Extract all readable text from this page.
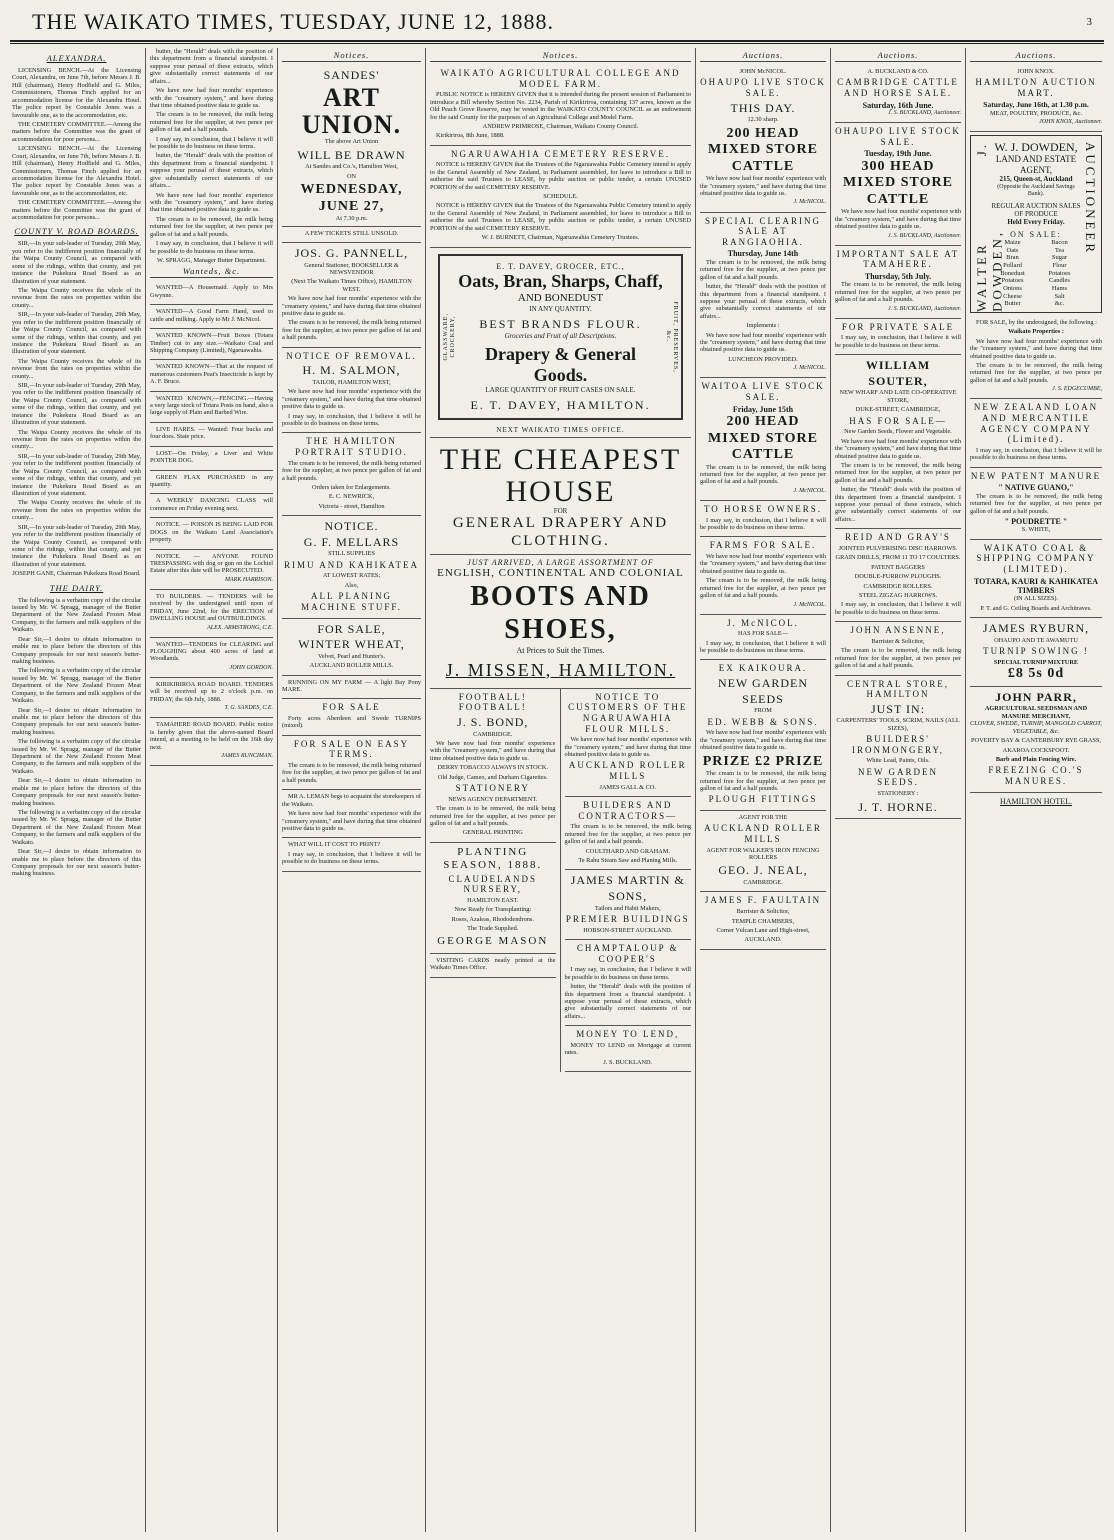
THE WAIKATO TIMES, TUESDAY, JUNE 12, 1888.	3
ALEXANDRA.

LICENSING BENCH.—At the Licensing Court, Alexandra, on June 7th, before Messrs J. B. Hill (chairman), Henry Hodfield and G. Miles, Commissioners, Thomas Finch applied for an accommodation license for the Alexandra Hotel. The police report by Constable Jones was a favourable one, as to the accommodation, etc.

THE CEMETERY COMMITTEE.—Among the matters before the Committee was the grant of accommodation for poor persons...

LICENSING BENCH.—At the Licensing Court, Alexandra, on June 7th, before Messrs J. B. Hill (chairman), Henry Hodfield and G. Miles, Commissioners, Thomas Finch applied for an accommodation license for the Alexandra Hotel. The police report by Constable Jones was a favourable one, as to the accommodation, etc.

THE CEMETERY COMMITTEE.—Among the matters before the Committee was the grant of accommodation for poor persons...

COUNTY V. ROAD BOARDS.

SIR,—In your sub-leader of Tuesday, 29th May, you refer to the indifferent position financially of the Waipa County Council, as compared with some of the ridings, within that county, and yet instance the Pukekura Road Board as an illustration of your statement.

The Waipa County receives the whole of its revenue from the rates on properties within the county...

SIR,—In your sub-leader of Tuesday, 29th May, you refer to the indifferent position financially of the Waipa County Council, as compared with some of the ridings, within that county, and yet instance the Pukekura Road Board as an illustration of your statement.

The Waipa County receives the whole of its revenue from the rates on properties within the county...

SIR,—In your sub-leader of Tuesday, 29th May, you refer to the indifferent position financially of the Waipa County Council, as compared with some of the ridings, within that county, and yet instance the Pukekura Road Board as an illustration of your statement.

The Waipa County receives the whole of its revenue from the rates on properties within the county...

SIR,—In your sub-leader of Tuesday, 29th May, you refer to the indifferent position financially of the Waipa County Council, as compared with some of the ridings, within that county, and yet instance the Pukekura Road Board as an illustration of your statement.

The Waipa County receives the whole of its revenue from the rates on properties within the county...

SIR,—In your sub-leader of Tuesday, 29th May, you refer to the indifferent position financially of the Waipa County Council, as compared with some of the ridings, within that county, and yet instance the Pukekura Road Board as an illustration of your statement.

JOSEPH GANE, Chairman Pukekura Road Board.

THE DAIRY.

The following is a verbatim copy of the circular issued by Mr. W. Spragg, manager of the Butter Department of the New Zealand Frozen Meat Company, to the farmers and milk suppliers of the Waikato.

Dear Sir,—I desire to obtain information to enable me to place before the directors of this Company proposals for our next season's butter-making business.

The following is a verbatim copy of the circular issued by Mr. W. Spragg, manager of the Butter Department of the New Zealand Frozen Meat Company, to the farmers and milk suppliers of the Waikato.

Dear Sir,—I desire to obtain information to enable me to place before the directors of this Company proposals for our next season's butter-making business.

The following is a verbatim copy of the circular issued by Mr. W. Spragg, manager of the Butter Department of the New Zealand Frozen Meat Company, to the farmers and milk suppliers of the Waikato.

Dear Sir,—I desire to obtain information to enable me to place before the directors of this Company proposals for our next season's butter-making business.

The following is a verbatim copy of the circular issued by Mr. W. Spragg, manager of the Butter Department of the New Zealand Frozen Meat Company, to the farmers and milk suppliers of the Waikato.

Dear Sir,—I desire to obtain information to enable me to place before the directors of this Company proposals for our next season's butter-making business.

butter, the "Herald" deals with the position of this department from a financial standpoint. I suppose your perusal of these extracts, which give substantially correct statements of our affairs...

We have now had four months' experience with the "creamery system," and have during that time obtained positive data to guide us.

The cream is to be removed, the milk being returned free for the supplier, at two pence per gallon of fat and a half pounds.

I may say, in conclusion, that I believe it will be possible to do business on these terms.

butter, the "Herald" deals with the position of this department from a financial standpoint. I suppose your perusal of these extracts, which give substantially correct statements of our affairs...

We have now had four months' experience with the "creamery system," and have during that time obtained positive data to guide us.

The cream is to be removed, the milk being returned free for the supplier, at two pence per gallon of fat and a half pounds.

I may say, in conclusion, that I believe it will be possible to do business on these terms.

W. SPRAGG, Manager Butter Department.

Wanteds, &c.

WANTED—A Housemaid. Apply to Mrs Gwynne.

WANTED—A Good Farm Hand, used to cattle and milking. Apply to Mr J. McNicol.

WANTED KNOWN—Fruit Boxes (Totara Timber) cut to any size.—Waikato Coal and Shipping Company (Limited), Ngaruawahia.

WANTED KNOWN—That at the request of numerous customers Peat's Insecticide is kept by A. F. Bruce.

WANTED KNOWN,—FENCING.—Having a very large stock of Totara Posts on hand, also a large supply of Plain and Barbed Wire.

LIVE HARES. — Wanted: Four bucks and four does. State price.

LOST—On Friday, a Liver and White POINTER DOG.

GREEN FLAX PURCHASED in any quantity.

A WEEKLY DANCING CLASS will commence on Friday evening next.

NOTICE. — POISON IS BEING LAID FOR DOGS on the Waikato Land Association's property.

NOTICE. — ANYONE FOUND TRESPASSING with dog or gun on the Lochiel Estate after this date will be PROSECUTED.

MARK HARRISON.

TO BUILDERS. — TENDERS will be received by the undersigned until noon of FRIDAY, June 22nd, for the ERECTION of DWELLING HOUSE and OUTBUILDINGS.

ALEX. ARMSTRONG, C.E.

WANTED—TENDERS for CLEARING and PLOUGHING about 400 acres of land at Woodlands.

JOHN GORDON.

KIRIKIRIROA ROAD BOARD. TENDERS will be received up to 2 o'clock p.m. on FRIDAY, the 6th July, 1888.

T. G. SANDES, C.E.

TAMAHERE ROAD BOARD. Public notice is hereby given that the above-named Board intend, at a meeting to be held on the 16th day next.

JAMES RUNCIMAN.

Notices.
SANDES'
ART UNION.

The above Art Union

WILL BE DRAWN

At Sandes and Co.'s, Hamilton West,

ON

WEDNESDAY, JUNE 27,

At 7.30 p.m.

A FEW TICKETS STILL UNSOLD.

JOS. G. PANNELL,

General Stationer, BOOKSELLER & NEWSVENDOR

(Next The Waikato Times Office), HAMILTON WEST.

We have now had four months' experience with the "creamery system," and have during that time obtained positive data to guide us.

The cream is to be removed, the milk being returned free for the supplier, at two pence per gallon of fat and a half pounds.

NOTICE OF REMOVAL.
H. M. SALMON,

TAILOR, HAMILTON WEST,

We have now had four months' experience with the "creamery system," and have during that time obtained positive data to guide us.

I may say, in conclusion, that I believe it will be possible to do business on these terms.

THE HAMILTON PORTRAIT STUDIO.

The cream is to be removed, the milk being returned free for the supplier, at two pence per gallon of fat and a half pounds.

Orders taken for Enlargements.

E. C. NEWRICK,

Victoria - street, Hamilton

NOTICE.
G. F. MELLARS

STILL SUPPLIES

RIMU AND KAHIKATEA

AT LOWEST RATES;

Also,

ALL PLANING MACHINE STUFF.
FOR SALE,
WINTER WHEAT,

Velvet, Pearl and Hunter's.

AUCKLAND ROLLER MILLS.

RUNNING ON MY FARM — A light Bay Pony MARE.

FOR SALE

Forty acres Aberdeen and Swede TURNIPS (mixed).

FOR SALE ON EASY TERMS.

The cream is to be removed, the milk being returned free for the supplier, at two pence per gallon of fat and a half pounds.

MR A. LEMAN begs to acquaint the storekeepers of the Waikato.

We have now had four months' experience with the "creamery system," and have during that time obtained positive data to guide us.

WHAT WILL IT COST TO PRINT?

I may say, in conclusion, that I believe it will be possible to do business on these terms.

Notices.
WAIKATO AGRICULTURAL COLLEGE AND MODEL FARM.

PUBLIC NOTICE is HEREBY GIVEN that it is intended during the present session of Parliament to introduce a Bill whereby Section No. 2234, Parish of Kirikiriroa, containing 137 acres, known as the Old Peach Grove Reserve, may be vested in the WAIKATO COUNTY COUNCIL as an endowment for the said County for the purposes of an Agricultural College and Model Farm.

ANDREW PRIMROSE, Chairman, Waikato County Council.

Kirikiriroa, 8th June, 1888.

NGARUAWAHIA CEMETERY RESERVE.

NOTICE is HEREBY GIVEN that the Trustees of the Ngaruawahia Public Cemetery intend to apply to the General Assembly of New Zealand, in Parliament assembled, for leave to introduce a Bill to authorise the said Trustees to LEASE, by public auction or public tender, a certain UNUSED PORTION of the said CEMETERY RESERVE.

SCHEDULE.

NOTICE is HEREBY GIVEN that the Trustees of the Ngaruawahia Public Cemetery intend to apply to the General Assembly of New Zealand, in Parliament assembled, for leave to introduce a Bill to authorise the said Trustees to LEASE, by public auction or public tender, a certain UNUSED PORTION of the said CEMETERY RESERVE.

W. J. BURNETT, Chairman, Ngaruawahia Cemetery Trustees.

GLASSWARE, CROCKERY,	FRUIT, PRESERVES, &c.
E. T. DAVEY, GROCER, ETC.,
Oats, Bran, Sharps, Chaff,
AND BONEDUST
IN ANY QUANTITY.
BEST BRANDS FLOUR.
Groceries and Fruit of all Descriptions.
Drapery & General Goods.
LARGE QUANTITY OF FRUIT CASES ON SALE.
E. T. DAVEY, HAMILTON.
NEXT WAIKATO TIMES OFFICE.
THE CHEAPEST HOUSE
FOR
GENERAL DRAPERY AND CLOTHING.
JUST ARRIVED, A LARGE ASSORTMENT OF
ENGLISH, CONTINENTAL AND COLONIAL
BOOTS AND SHOES,
At Prices to Suit the Times.
J. MISSEN, HAMILTON.
FOOTBALL! FOOTBALL!
J. S. BOND,

CAMBRIDGE.

We have now had four months' experience with the "creamery system," and have during that time obtained positive data to guide us.

DERRY TOBACCO ALWAYS IN STOCK.

Old Judge, Cameo, and Durham Cigarettes.

STATIONERY

NEWS AGENCY DEPARTMENT.

The cream is to be removed, the milk being returned free for the supplier, at two pence per gallon of fat and a half pounds.

GENERAL PRINTING

PLANTING SEASON, 1888.
CLAUDELANDS NURSERY,

HAMILTON EAST.

Now Ready for Transplanting:

Roses, Azaleas, Rhododendrons.

The Trade Supplied.

GEORGE MASON

VISITING CARDS neatly printed at the Waikato Times Office.

NOTICE TO CUSTOMERS OF THE NGARUAWAHIA FLOUR MILLS.

We have now had four months' experience with the "creamery system," and have during that time obtained positive data to guide us.

AUCKLAND ROLLER MILLS

JAMES GALL & CO.

BUILDERS AND CONTRACTORS—

The cream is to be removed, the milk being returned free for the supplier, at two pence per gallon of fat and a half pounds.

COULTHARD AND GRAHAM.

Te Rahu Steam Saw and Planing Mills.

JAMES MARTIN & SONS,

Tailors and Habit Makers,

PREMIER BUILDINGS

HOBSON-STREET AUCKLAND.

CHAMPTALOUP & COOPER'S

I may say, in conclusion, that I believe it will be possible to do business on these terms.

butter, the "Herald" deals with the position of this department from a financial standpoint. I suppose your perusal of these extracts, which give substantially correct statements of our affairs...

MONEY TO LEND,

MONEY TO LEND on Mortgage at current rates.

J. S. BUCKLAND.

Auctions.

JOHN McNICOL.

OHAUPO LIVE STOCK SALE.
THIS DAY.

12.30 sharp.

200 HEAD MIXED STORE CATTLE

We have now had four months' experience with the "creamery system," and have during that time obtained positive data to guide us.

J. McNICOL.

SPECIAL CLEARING SALE AT RANGIAOHIA.
Thursday, June 14th

The cream is to be removed, the milk being returned free for the supplier, at two pence per gallon of fat and a half pounds.

butter, the "Herald" deals with the position of this department from a financial standpoint. I suppose your perusal of these extracts, which give substantially correct statements of our affairs...

Implements :

We have now had four months' experience with the "creamery system," and have during that time obtained positive data to guide us.

LUNCHEON PROVIDED.

J. McNICOL.

WAITOA LIVE STOCK SALE.
Friday, June 15th
200 HEAD MIXED STORE CATTLE

The cream is to be removed, the milk being returned free for the supplier, at two pence per gallon of fat and a half pounds.

J. McNICOL.

TO HORSE OWNERS.

I may say, in conclusion, that I believe it will be possible to do business on these terms.

FARMS FOR SALE.

We have now had four months' experience with the "creamery system," and have during that time obtained positive data to guide us.

The cream is to be removed, the milk being returned free for the supplier, at two pence per gallon of fat and a half pounds.

J. McNICOL.

J. McNICOL.

HAS FOR SALE—

I may say, in conclusion, that I believe it will be possible to do business on these terms.

EX KAIKOURA.
NEW GARDEN SEEDS

FROM

ED. WEBB & SONS.

We have now had four months' experience with the "creamery system," and have during that time obtained positive data to guide us.

PRIZE £2 PRIZE

The cream is to be removed, the milk being returned free for the supplier, at two pence per gallon of fat and a half pounds.

PLOUGH FITTINGS

AGENT FOR THE

AUCKLAND ROLLER MILLS

AGENT FOR WALKER'S IRON FENCING ROLLERS

GEO. J. NEAL,

CAMBRIDGE.

JAMES F. FAULTAIN

Barrister & Solicitor,

TEMPLE CHAMBERS,

Corner Vulcan Lane and High-street,

AUCKLAND.

Auctions.

A. BUCKLAND & CO.

CAMBRIDGE CATTLE AND HORSE SALE.
Saturday, 16th June.

J. S. BUCKLAND, Auctioneer.

OHAUPO LIVE STOCK SALE.
Tuesday, 19th June.
300 HEAD MIXED STORE CATTLE

We have now had four months' experience with the "creamery system," and have during that time obtained positive data to guide us.

J. S. BUCKLAND, Auctioneer.

IMPORTANT SALE AT TAMAHERE.
Thursday, 5th July.

The cream is to be removed, the milk being returned free for the supplier, at two pence per gallon of fat and a half pounds.

J. S. BUCKLAND, Auctioneer.

FOR PRIVATE SALE

I may say, in conclusion, that I believe it will be possible to do business on these terms.

WILLIAM SOUTER,

NEW WHARF AND LATE CO-OPERATIVE STORE,

DUKE-STREET, CAMBRIDGE,

HAS FOR SALE—

New Garden Seeds, Flower and Vegetable.

We have now had four months' experience with the "creamery system," and have during that time obtained positive data to guide us.

The cream is to be removed, the milk being returned free for the supplier, at two pence per gallon of fat and a half pounds.

butter, the "Herald" deals with the position of this department from a financial standpoint. I suppose your perusal of these extracts, which give substantially correct statements of our affairs...

REID AND GRAY'S

JOINTED PULVERISING DISC HARROWS.

GRAIN DRILLS, FROM 11 TO 17 COULTERS.

PATENT BAGGERS

DOUBLE-FURROW PLOUGHS.

CAMBRIDGE ROLLERS.

STEEL ZIGZAG HARROWS.

I may say, in conclusion, that I believe it will be possible to do business on these terms.

JOHN ANSENNE,

Barrister & Solicitor,

The cream is to be removed, the milk being returned free for the supplier, at two pence per gallon of fat and a half pounds.

CENTRAL STORE, HAMILTON
JUST IN:

CARPENTERS' TOOLS, SCRIM, NAILS (ALL SIZES),

BUILDERS' IRONMONGERY,

White Lead, Paints, Oils.

NEW GARDEN SEEDS.

STATIONERY :

J. T. HORNE.
Auctions.

JOHN KNOX.

HAMILTON AUCTION MART.
Saturday, June 16th, at 1.30 p.m.

MEAT, POULTRY, PRODUCE, &c.

JOHN KNOX, Auctioneer.

WALTER J. DOWDEN,
AUCTIONEER
W. J. DOWDEN,
LAND AND ESTATE
AGENT,
215, Queen-st, Auckland
(Opposite the Auckland Savings Bank).
REGULAR AUCTION SALES OF PRODUCE
Held Every Friday.
ON SALE:
Maize	Bacon
Oats	Tea
Bran	Sugar
Pollard	Flour
Bonedust	Potatoes
Potatoes	Candles
Onions	Hams
Cheese	Salt
Butter	&c.

FOR SALE, by the undersigned, the following :

Waikato Properties :

We have now had four months' experience with the "creamery system," and have during that time obtained positive data to guide us.

The cream is to be removed, the milk being returned free for the supplier, at two pence per gallon of fat and a half pounds.

J. S. EDGECUMBE,

NEW ZEALAND LOAN AND MERCANTILE AGENCY COMPANY (Limited).

I may say, in conclusion, that I believe it will be possible to do business on these terms.

NEW PATENT MANURE
" NATIVE GUANO,"

The cream is to be removed, the milk being returned free for the supplier, at two pence per gallon of fat and a half pounds.

" POUDRETTE "

S. WHITE,

WAIKATO COAL & SHIPPING COMPANY (LIMITED).
TOTARA, KAURI & KAHIKATEA TIMBERS

(IN ALL SIZES).

P. T. and G. Ceiling Boards and Architraves.

JAMES RYBURN,

OHAUPO AND TE AWAMUTU

TURNIP SOWING !
SPECIAL TURNIP MIXTURE
£8 5s 0d
JOHN PARR,
AGRICULTURAL SEEDSMAN AND MANURE MERCHANT,

CLOVER, SWEDE, TURNIP, MANGOLD CARROT, VEGETABLE, &c.

POVERTY BAY & CANTERBURY RYE GRASS,

AKAROA COCKSFOOT.

Barb and Plain Fencing Wire.

FREEZING CO.'S MANURES.
HAMILTON HOTEL.
